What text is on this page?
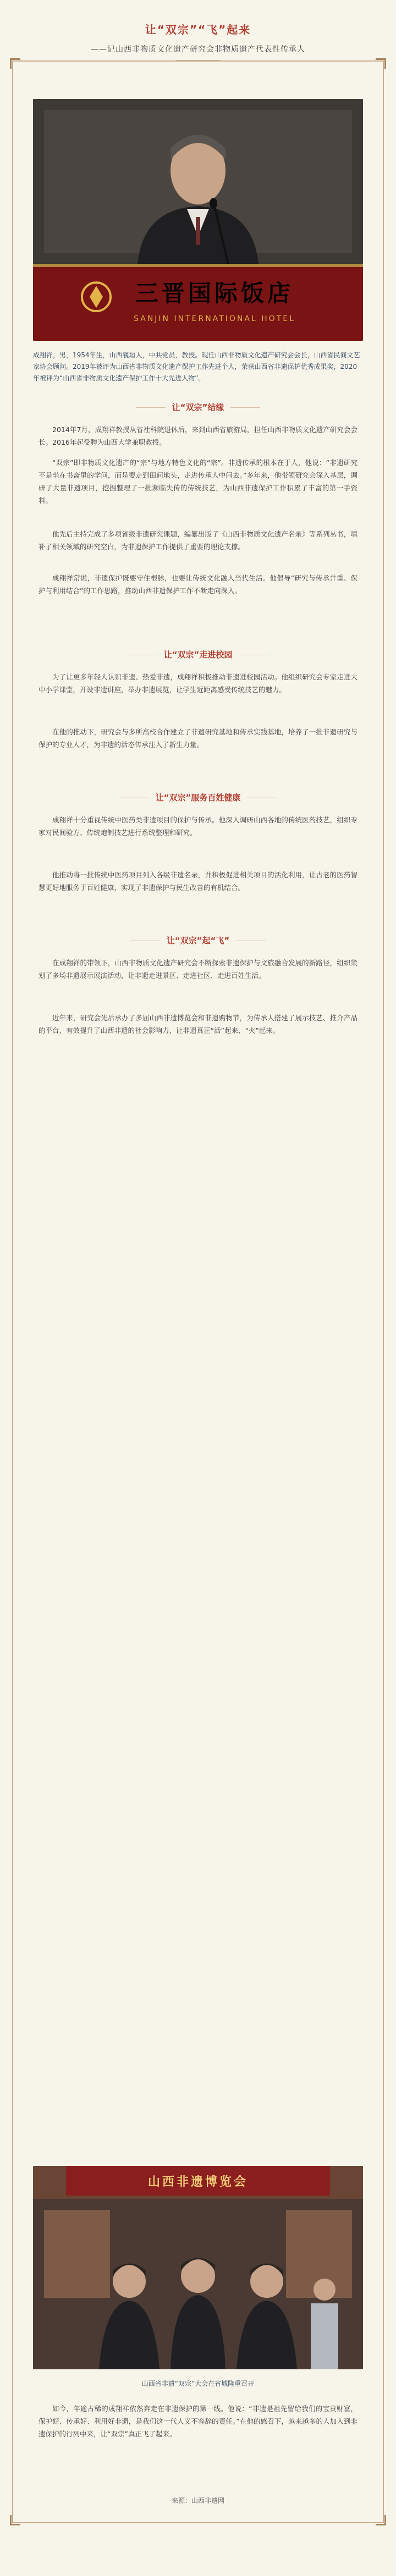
让“双宗”“飞”起来
——记山西非物质文化遗产研究会非物质遗产代表性传承人
三晋国际饭店
SANJIN INTERNATIONAL HOTEL
成翔祥，男，1954年生，山西襄垣人，中共党员，教授。现任山西非物质文化遗产研究会会长，山西省民间文艺家协会顾问。2019年被评为山西省非物质文化遗产保护工作先进个人，荣获山西省非遗保护优秀成果奖，2020年被评为“山西省非物质文化遗产保护工作十大先进人物”。
让“双宗”结缘
2014年7月，成翔祥教授从省社科院退休后，来到山西省旅游局，担任山西非物质文化遗产研究会会长。2016年起受聘为山西大学兼职教授。
“双宗”即非物质文化遗产的“宗”与地方特色文化的“宗”。非遗传承的根本在于人，他说：“非遗研究不是坐在书斋里的学问，而是要走到田间地头，走进传承人中间去。”多年来，他带领研究会深入基层，调研了大量非遗项目，挖掘整理了一批濒临失传的传统技艺，为山西非遗保护工作积累了丰富的第一手资料。
他先后主持完成了多项省级非遗研究课题，编纂出版了《山西非物质文化遗产名录》等系列丛书，填补了相关领域的研究空白，为非遗保护工作提供了重要的理论支撑。
成翔祥常说，非遗保护既要守住根脉，也要让传统文化融入当代生活。他倡导“研究与传承并重、保护与利用结合”的工作思路，推动山西非遗保护工作不断走向深入。
让“双宗”走进校园
为了让更多年轻人认识非遗、热爱非遗，成翔祥积极推动非遗进校园活动。他组织研究会专家走进大中小学课堂，开设非遗讲座，举办非遗展览，让学生近距离感受传统技艺的魅力。
在他的推动下，研究会与多所高校合作建立了非遗研究基地和传承实践基地，培养了一批非遗研究与保护的专业人才，为非遗的活态传承注入了新生力量。
让“双宗”服务百姓健康
成翔祥十分重视传统中医药类非遗项目的保护与传承。他深入调研山西各地的传统医药技艺，组织专家对民间验方、传统炮制技艺进行系统整理和研究。
他推动将一批传统中医药项目列入各级非遗名录，并积极促进相关项目的活化利用，让古老的医药智慧更好地服务于百姓健康，实现了非遗保护与民生改善的有机结合。
让“双宗”起“飞”
在成翔祥的带领下，山西非物质文化遗产研究会不断探索非遗保护与文旅融合发展的新路径，组织策划了多场非遗展示展演活动，让非遗走进景区、走进社区、走进百姓生活。
近年来，研究会先后承办了多届山西非遗博览会和非遗购物节，为传承人搭建了展示技艺、推介产品的平台，有效提升了山西非遗的社会影响力，让非遗真正“活”起来、“火”起来。
山西非遗博览会
山西省非遗“双宗”大会在省城隆重召开
如今，年逾古稀的成翔祥依然奔走在非遗保护的第一线。他说：“非遗是祖先留给我们的宝贵财富，保护好、传承好、利用好非遗，是我们这一代人义不容辞的责任。”在他的感召下，越来越多的人加入到非遗保护的行列中来，让“双宗”真正飞了起来。
来源：山西非遗网
